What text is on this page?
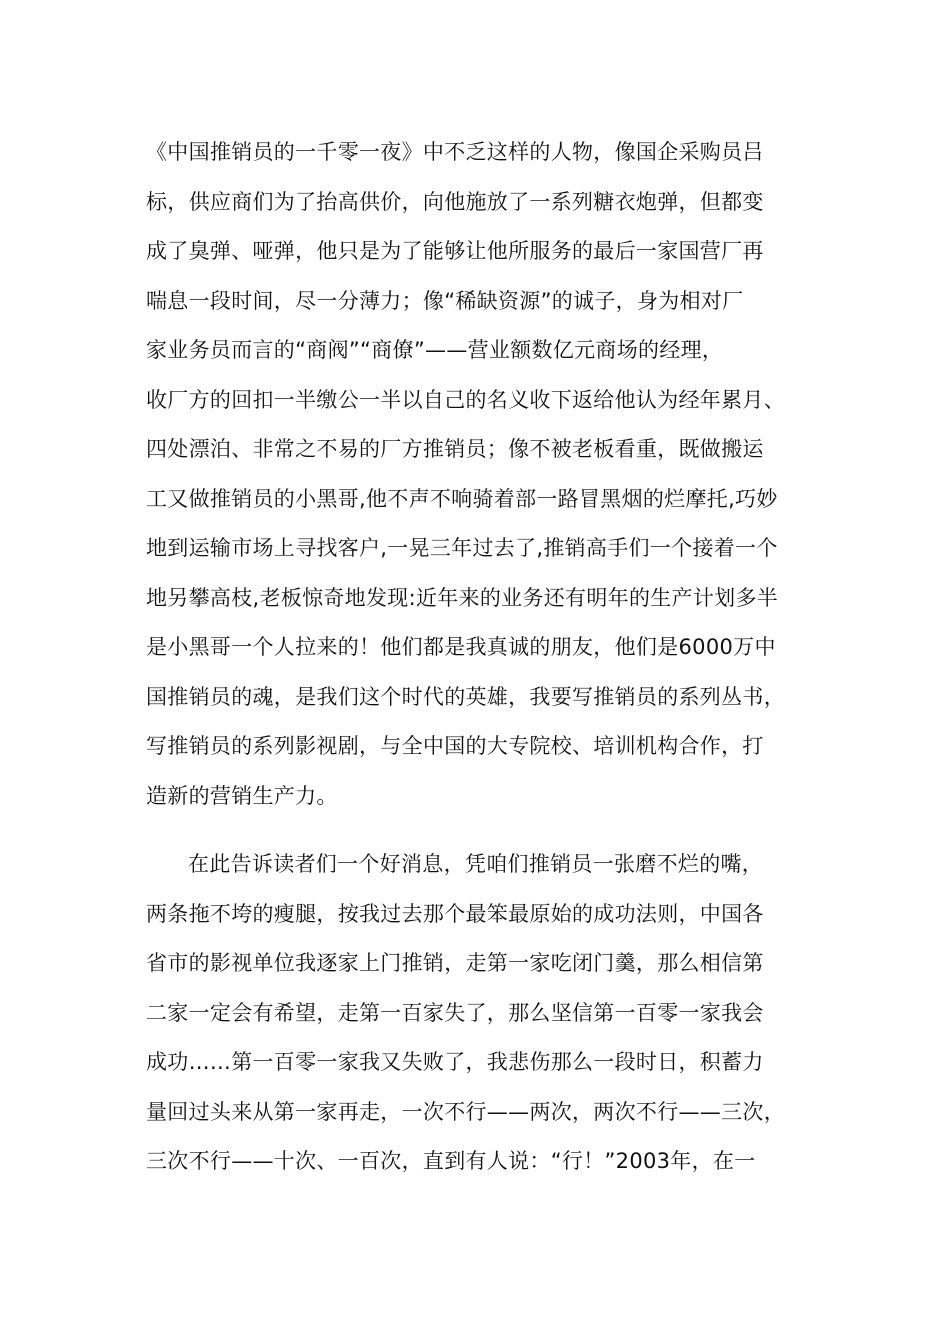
《中国推销员的一千零一夜》中不乏这样的人物，像国企采购员吕
标，供应商们为了抬高供价，向他施放了一系列糖衣炮弹，但都变
成了臭弹、哑弹，他只是为了能够让他所服务的最后一家国营厂再
喘息一段时间，尽一分薄力；像“稀缺资源”的诚子，身为相对厂
家业务员而言的“商阀”“商僚”——营业额数亿元商场的经理，
收厂方的回扣一半缴公一半以自己的名义收下返给他认为经年累月、
四处漂泊、非常之不易的厂方推销员；像不被老板看重，既做搬运
工又做推销员的小黑哥,他不声不响骑着部一路冒黑烟的烂摩托,巧妙
地到运输市场上寻找客户,一晃三年过去了,推销高手们一个接着一个
地另攀高枝,老板惊奇地发现:近年来的业务还有明年的生产计划多半
是小黑哥一个人拉来的！他们都是我真诚的朋友，他们是6000万中
国推销员的魂，是我们这个时代的英雄，我要写推销员的系列丛书，
写推销员的系列影视剧，与全中国的大专院校、培训机构合作，打
造新的营销生产力。
在此告诉读者们一个好消息，凭咱们推销员一张磨不烂的嘴，
两条拖不垮的瘦腿，按我过去那个最笨最原始的成功法则，中国各
省市的影视单位我逐家上门推销，走第一家吃闭门羹，那么相信第
二家一定会有希望，走第一百家失了，那么坚信第一百零一家我会
成功……第一百零一家我又失败了，我悲伤那么一段时日，积蓄力
量回过头来从第一家再走，一次不行——两次，两次不行——三次，
三次不行——十次、一百次，直到有人说：“行！”2003年，在一
